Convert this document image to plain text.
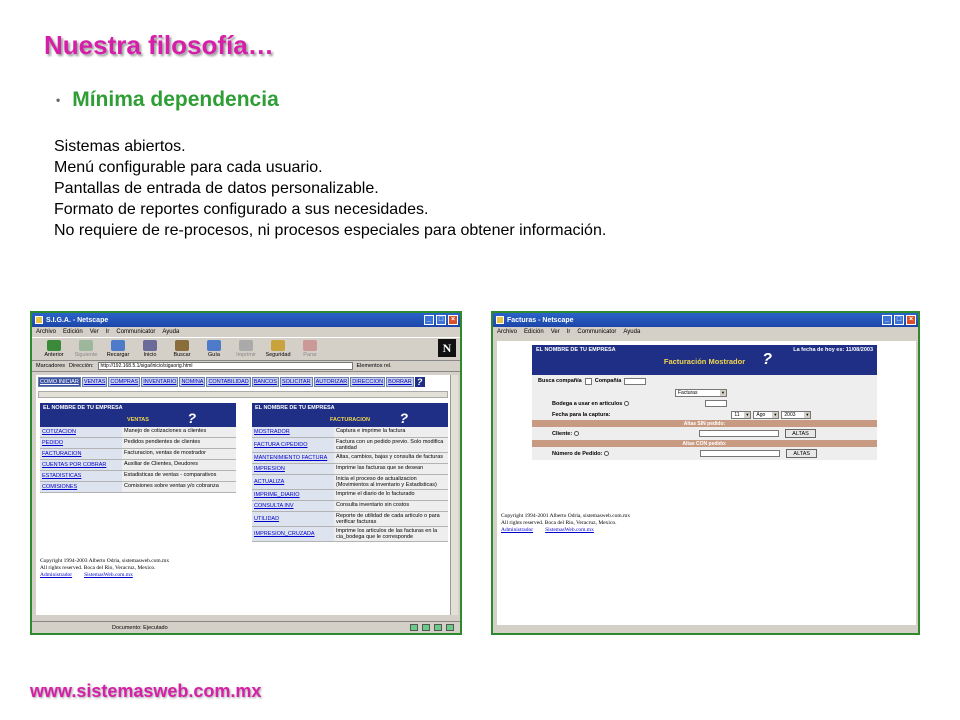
Nuestra filosofía…
• Mínima dependencia
Sistemas abiertos.
Menú configurable para cada usuario.
Pantallas de entrada de datos personalizable.
Formato de reportes configurado a sus necesidades.
No requiere de re-procesos, ni procesos especiales para obtener información.
S.I.G.A. - Netscape	_	□	×
Archivo Edición Ver Ir Communicator Ayuda
Anterior	Siguiente	Recargar	Inicio	Buscar	Guía	Imprimir	Seguridad	Parar	N
Marcadores Dirección:	http://192.168.5.1/siga/inicio/sigaorig.html	Elementos rel.
COMO INICIAR VENTAS COMPRAS INVENTARIO NOMINA CONTABILIDAD BANCOS SOLICITAR AUTORIZAR DIRECCION BORRAR ?
EL NOMBRE DE TU EMPRESA
?
VENTAS
COTIZACION	Manejo de cotizaciones a clientes
PEDIDO	Pedidos pendientes de clientes
FACTURACION	Facturacion, ventas de mostrador
CUENTAS POR COBRAR	Auxiliar de Clientes, Deudores
ESTADISTICAS	Estadisticas de ventas - comparativos
COMISIONES	Comisiones sobre ventas y/o cobranza
EL NOMBRE DE TU EMPRESA
?
FACTURACION
MOSTRADOR	Captura e imprime la factura
FACTURA C/PEDIDO	Factura con un pedido previo. Solo modifica cantidad
MANTENIMIENTO FACTURA	Altas, cambios, bajas y consulta de facturas
IMPRESION	Imprime las facturas que se desean
ACTUALIZA	Inicia el proceso de actualizacion (Movimientos al inventario y Estadisticas)
IMPRIME_DIARIO	Imprime el diario de lo facturado
CONSULTA INV	Consulta inventario sin costos
UTILIDAD	Reporte de utilidad de cada articulo o para verificar facturas
IMPRESION_CRUZADA	Imprime los articulos de las facturas en la cia_bodega que le corresponde
Copyright 1994-2003 Alberto Odria, sistemasweb.com.mx
All rights reserved. Boca del Rio, Veracruz, Mexico.
Administrador SistemasWeb.com.mx
Documento: Ejecutado
Facturas - Netscape	_	□	×
Archivo Edición Ver Ir Communicator Ayuda
EL NOMBRE DE TU EMPRESA	La fecha de hoy es: 11/08/2003
?
Facturación Mostrador
Busca compañía Compañía
Facturas	▼
Bodega a usar en articulos
Fecha para la captura:	11 ▼ Ago ▼ 2003 ▼
Altas SIN pedido:
Cliente:	ALTAS
Altas CON pedido:
Número de Pedido:	ALTAS
Copyright 1994-2001 Alberto Odria, sistemasweb.com.mx
All rights reserved. Boca del Rio, Veracruz, Mexico.
Administrador SistemasWeb.com.mx
www.sistemasweb.com.mx
